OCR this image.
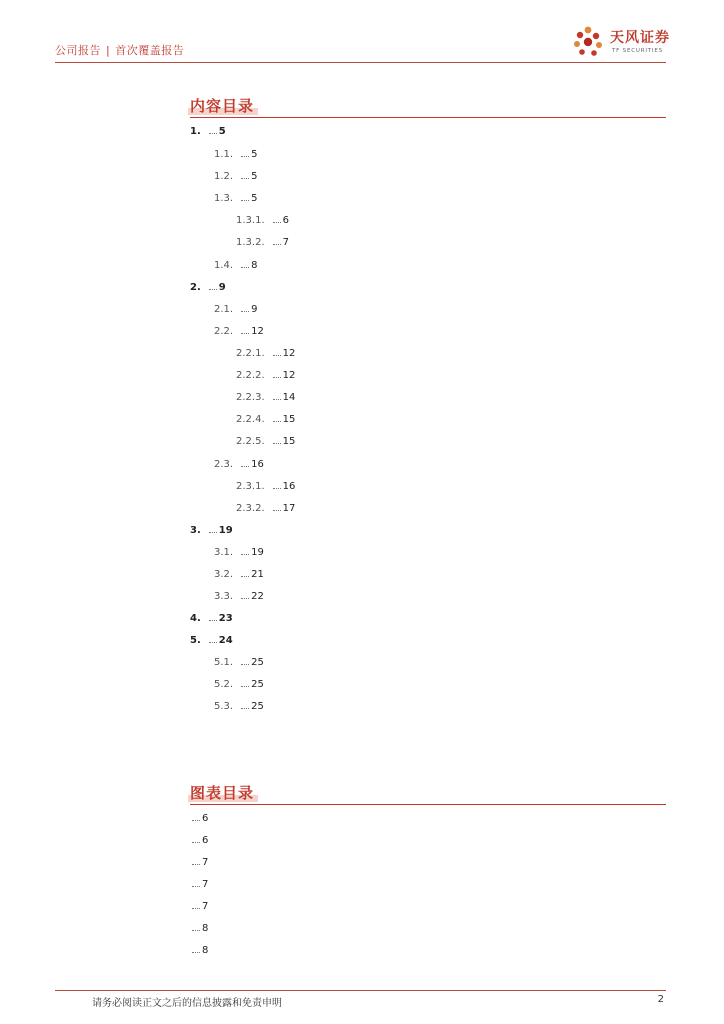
公司报告 | 首次覆盖报告
天风证券
TF SECURITIES
内容目录
1. 5
1.1. 5
1.2. 5
1.3. 5
1.3.1. 6
1.3.2. 7
1.4. 8
2. 9
2.1. 9
2.2. 12
2.2.1. 12
2.2.2. 12
2.2.3. 14
2.2.4. 15
2.2.5. 15
2.3. 16
2.3.1. 16
2.3.2. 17
3. 19
3.1. 19
3.2. 21
3.3. 22
4. 23
5. 24
5.1. 25
5.2. 25
5.3. 25
图表目录
6
6
7
7
7
8
8
请务必阅读正文之后的信息披露和免责申明	2
